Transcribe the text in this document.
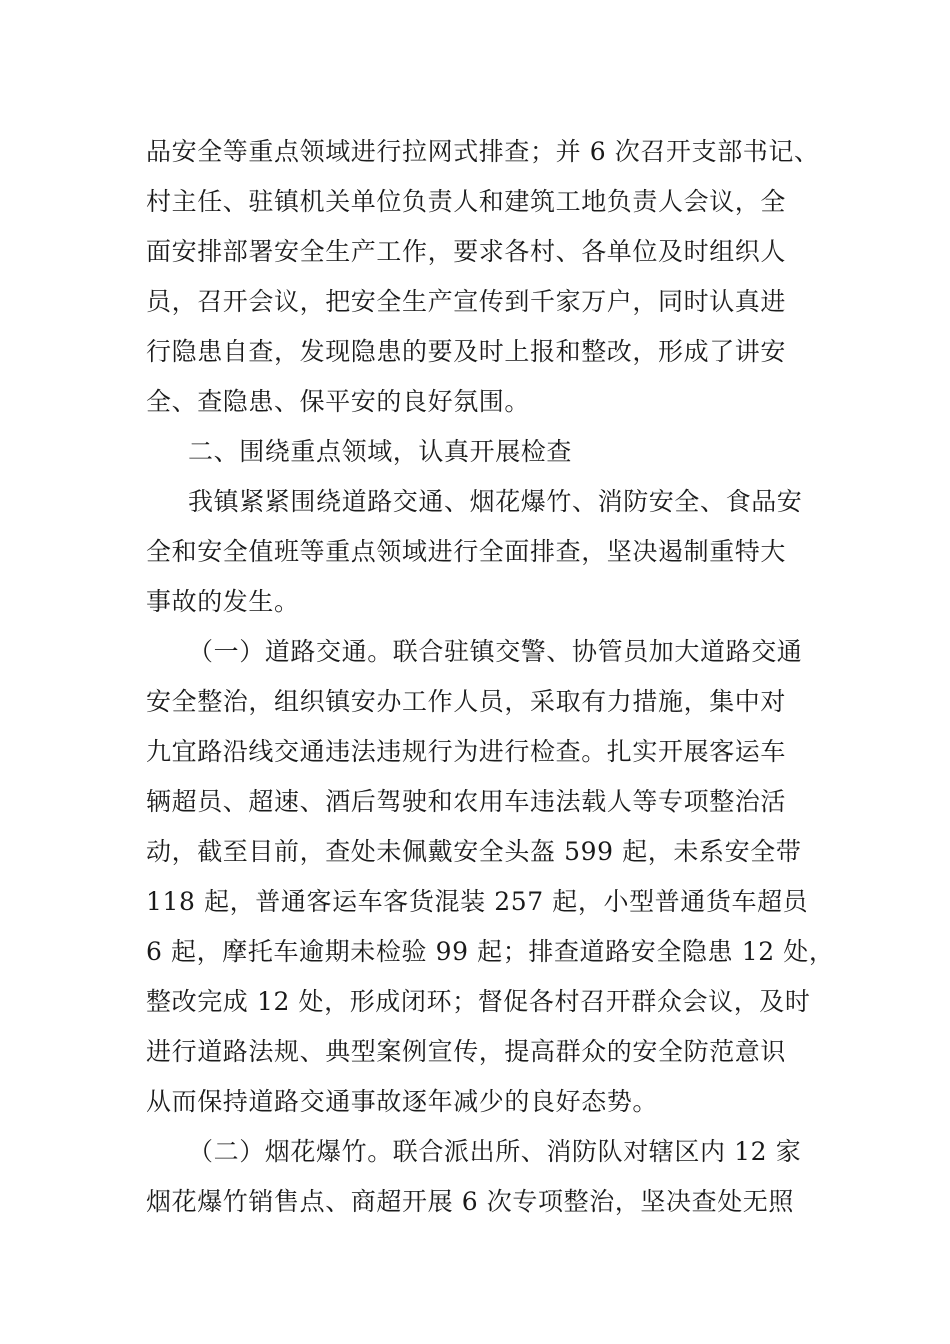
品安全等重点领域进行拉网式排查；并 6 次召开支部书记、
村主任、驻镇机关单位负责人和建筑工地负责人会议，全
面安排部署安全生产工作，要求各村、各单位及时组织人
员，召开会议，把安全生产宣传到千家万户，同时认真进
行隐患自查，发现隐患的要及时上报和整改，形成了讲安
全、查隐患、保平安的良好氛围。
二、围绕重点领域，认真开展检查
我镇紧紧围绕道路交通、烟花爆竹、消防安全、食品安
全和安全值班等重点领域进行全面排查，坚决遏制重特大
事故的发生。
（一）道路交通。联合驻镇交警、协管员加大道路交通
安全整治，组织镇安办工作人员，采取有力措施，集中对
九宜路沿线交通违法违规行为进行检查。扎实开展客运车
辆超员、超速、酒后驾驶和农用车违法载人等专项整治活
动，截至目前，查处未佩戴安全头盔 599 起，未系安全带
118 起，普通客运车客货混装 257 起，小型普通货车超员
6 起，摩托车逾期未检验 99 起；排查道路安全隐患 12 处，
整改完成 12 处，形成闭环；督促各村召开群众会议，及时
进行道路法规、典型案例宣传，提高群众的安全防范意识
从而保持道路交通事故逐年减少的良好态势。
（二）烟花爆竹。联合派出所、消防队对辖区内 12 家
烟花爆竹销售点、商超开展 6 次专项整治，坚决查处无照
